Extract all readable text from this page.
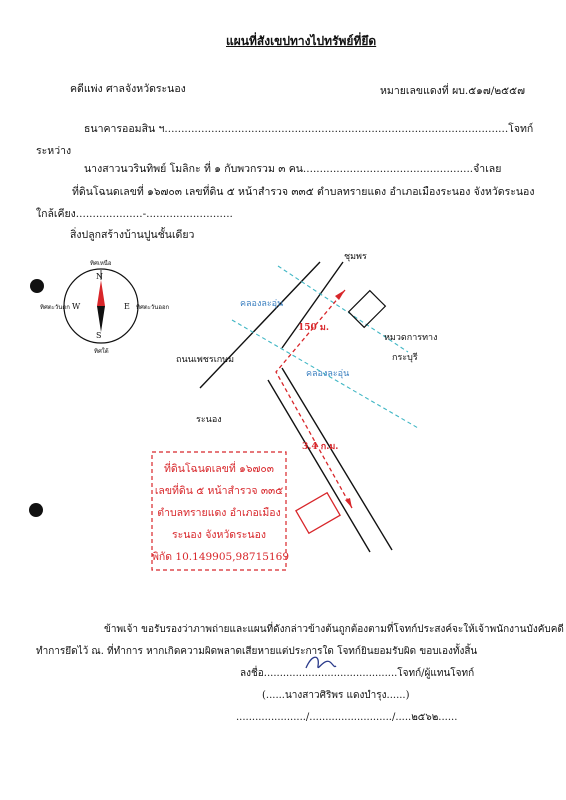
แผนที่สังเขปทางไปทรัพย์ที่ยึด
คดีแพ่ง ศาลจังหวัดระนอง	หมายเลขแดงที่ ผบ.๕๑๗/๒๕๕๗
ธนาคารออมสิน ฯ.......................................................................................................โจทก์
ระหว่าง
นางสาวนวรินทิพย์ โมลิกะ ที่ ๑ กับพวกรวม ๓ คน...................................................จำเลย
ที่ดินโฉนดเลขที่ ๑๖๗๐๓ เลขที่ดิน ๕ หน้าสำรวจ ๓๓๕ ตำบลทรายแดง อำเภอเมืองระนอง จังหวัดระนอง
ใกล้เคียง....................-..........................
สิ่งปลูกสร้างบ้านปูนชั้นเดียว
ทิศเหนือ
N
S
W	E
ทิศตะวันตก	ทิศตะวันออก
ทิศใต้
ชุมพร
คลองละอุ่น
150 ม.
หมวดการทาง
กระบุรี
ถนนเพชรเกษม
คลองละอุ่น
ระนอง
3.4 ก.ม.
ที่ดินโฉนดเลขที่ ๑๖๗๐๓
เลขที่ดิน ๕ หน้าสำรวจ ๓๓๕
ตำบลทรายแดง อำเภอเมือง
ระนอง จังหวัดระนอง
พิกัด 10.149905,98715169
ข้าพเจ้า ขอรับรองว่าภาพถ่ายและแผนที่ดังกล่าวข้างต้นถูกต้องตามที่โจทก์ประสงค์จะให้เจ้าพนักงานบังคับคดี
ทำการยึดไว้ ณ. ที่ทำการ หากเกิดความผิดพลาดเสียหายแต่ประการใด โจทก์ยินยอมรับผิด ขอบเองทั้งสิ้น
ลงชื่อ..........................................โจทก์/ผู้แทนโจทก์
(......นางสาวศิริพร แดงบำรุง......)
....................../........................../.....๒๕๖๒......
